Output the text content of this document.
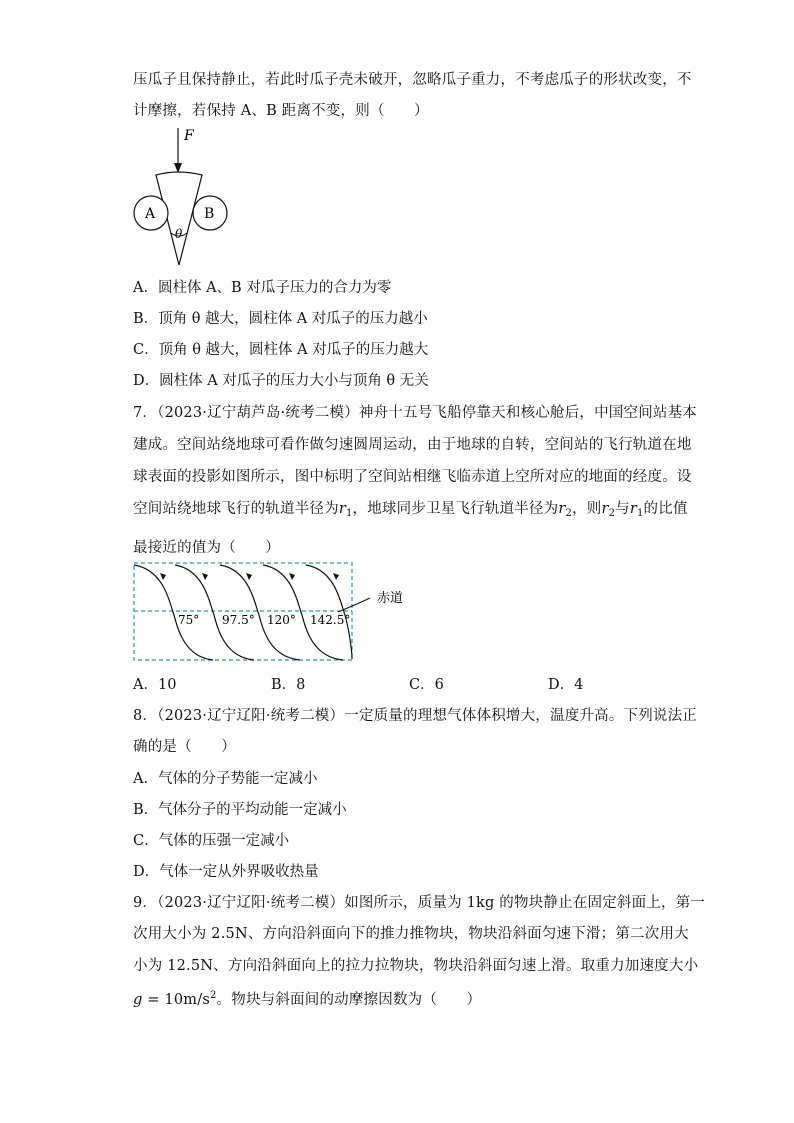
压瓜子且保持静止，若此时瓜子壳未破开，忽略瓜子重力，不考虑瓜子的形状改变，不
计摩擦，若保持 A、B 距离不变，则（　　）
F
θ
A	B
A．圆柱体 A、B 对瓜子压力的合力为零
B．顶角 θ 越大，圆柱体 A 对瓜子的压力越小
C．顶角 θ 越大，圆柱体 A 对瓜子的压力越大
D．圆柱体 A 对瓜子的压力大小与顶角 θ 无关
7．（2023·辽宁葫芦岛·统考二模）神舟十五号飞船停靠天和核心舱后，中国空间站基本
建成。空间站绕地球可看作做匀速圆周运动，由于地球的自转，空间站的飞行轨道在地
球表面的投影如图所示，图中标明了空间站相继飞临赤道上空所对应的地面的经度。设
空间站绕地球飞行的轨道半径为$r_1$，地球同步卫星飞行轨道半径为$r_2$，则$r_2$与$r_1$的比值
最接近的值为（　　）
75° 97.5° 120° 142.5°
赤道
A．10	B．8	C．6	D．4
8．（2023·辽宁辽阳·统考二模）一定质量的理想气体体积增大，温度升高。下列说法正
确的是（　　）
A．气体的分子势能一定减小
B．气体分子的平均动能一定减小
C．气体的压强一定减小
D．气体一定从外界吸收热量
9．（2023·辽宁辽阳·统考二模）如图所示，质量为 1kg 的物块静止在固定斜面上，第一
次用大小为 2.5N、方向沿斜面向下的推力推物块，物块沿斜面匀速下滑；第二次用大
小为 12.5N、方向沿斜面向上的拉力拉物块，物块沿斜面匀速上滑。取重力加速度大小
$g = 10m/s^2$。物块与斜面间的动摩擦因数为（　　）
